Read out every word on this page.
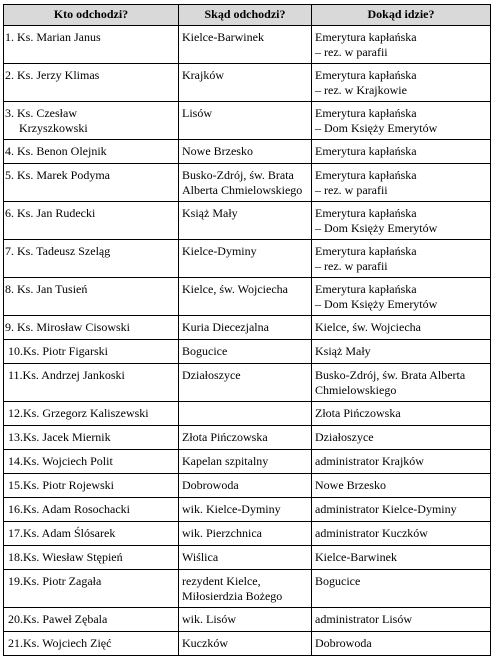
Kto odchodzi?	Skąd odchodzi?	Dokąd idzie?
1. Ks. Marian Janus	Kielce-Barwinek	Emerytura kapłańska
– rez. w parafii
2. Ks. Jerzy Klimas	Krajków	Emerytura kapłańska
– rez. w Krajkowie
3. Ks. Czesław
Krzyszkowski	Lisów	Emerytura kapłańska
– Dom Księży Emerytów
4. Ks. Benon Olejnik	Nowe Brzesko	Emerytura kapłańska
5. Ks. Marek Podyma	Busko-Zdrój, św. Brata
Alberta Chmielowskiego	Emerytura kapłańska
– rez. w parafii
6. Ks. Jan Rudecki	Książ Mały	Emerytura kapłańska
– Dom Księży Emerytów
7. Ks. Tadeusz Szeląg	Kielce-Dyminy	Emerytura kapłańska
– rez. w parafii
8. Ks. Jan Tusień	Kielce, św. Wojciecha	Emerytura kapłańska
– Dom Księży Emerytów
9. Ks. Mirosław Cisowski	Kuria Diecezjalna	Kielce, św. Wojciecha
10.Ks. Piotr Figarski	Bogucice	Książ Mały
11.Ks. Andrzej Jankoski	Działoszyce	Busko-Zdrój, św. Brata Alberta
Chmielowskiego
12.Ks. Grzegorz Kaliszewski		Złota Pińczowska
13.Ks. Jacek Miernik	Złota Pińczowska	Działoszyce
14.Ks. Wojciech Polit	Kapelan szpitalny	administrator Krajków
15.Ks. Piotr Rojewski	Dobrowoda	Nowe Brzesko
16.Ks. Adam Rosochacki	wik. Kielce-Dyminy	administrator Kielce-Dyminy
17.Ks. Adam Ślósarek	wik. Pierzchnica	administrator Kuczków
18.Ks. Wiesław Stępień	Wiślica	Kielce-Barwinek
19.Ks. Piotr Zagała	rezydent Kielce,
Miłosierdzia Bożego	Bogucice
20.Ks. Paweł Zębala	wik. Lisów	administrator Lisów
21.Ks. Wojciech Zięć	Kuczków	Dobrowoda
